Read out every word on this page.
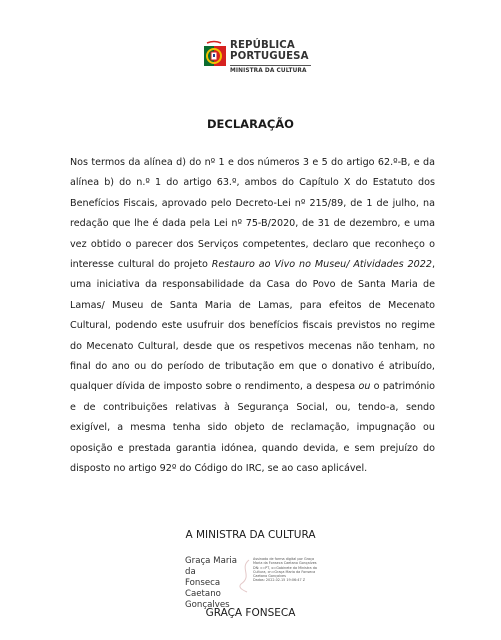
REPÚBLICA
PORTUGUESA
MINISTRA DA CULTURA
DECLARAÇÃO
Nos termos da alínea d) do nº 1 e dos números 3 e 5 do artigo 62.º-B, e da
alínea b) do n.º 1 do artigo 63.º, ambos do Capítulo X do Estatuto dos
Benefícios Fiscais, aprovado pelo Decreto-Lei nº 215/89, de 1 de julho, na
redação que lhe é dada pela Lei nº 75-B/2020, de 31 de dezembro, e uma
vez obtido o parecer dos Serviços competentes, declaro que reconheço o
interesse cultural do projeto Restauro ao Vivo no Museu/ Atividades 2022,
uma iniciativa da responsabilidade da Casa do Povo de Santa Maria de
Lamas/ Museu de Santa Maria de Lamas, para efeitos de Mecenato
Cultural, podendo este usufruir dos benefícios fiscais previstos no regime
do Mecenato Cultural, desde que os respetivos mecenas não tenham, no
final do ano ou do período de tributação em que o donativo é atribuído,
qualquer dívida de imposto sobre o rendimento, a despesa ou o património
e de contribuições relativas à Segurança Social, ou, tendo-a, sendo
exigível, a mesma tenha sido objeto de reclamação, impugnação ou
oposição e prestada garantia idónea, quando devida, e sem prejuízo do
disposto no artigo 92º do Código do IRC, se ao caso aplicável.
A MINISTRA DA CULTURA
Graça Maria da
Fonseca Caetano
Gonçalves
Assinado de forma digital por Graça
Maria da Fonseca Caetano Gonçalves
DN: c=PT, o=Gabinete da Ministra da
Cultura, cn=Graça Maria da Fonseca
Caetano Gonçalves
Dados: 2022.02.15 19:06:47 Z
GRAÇA FONSECA
